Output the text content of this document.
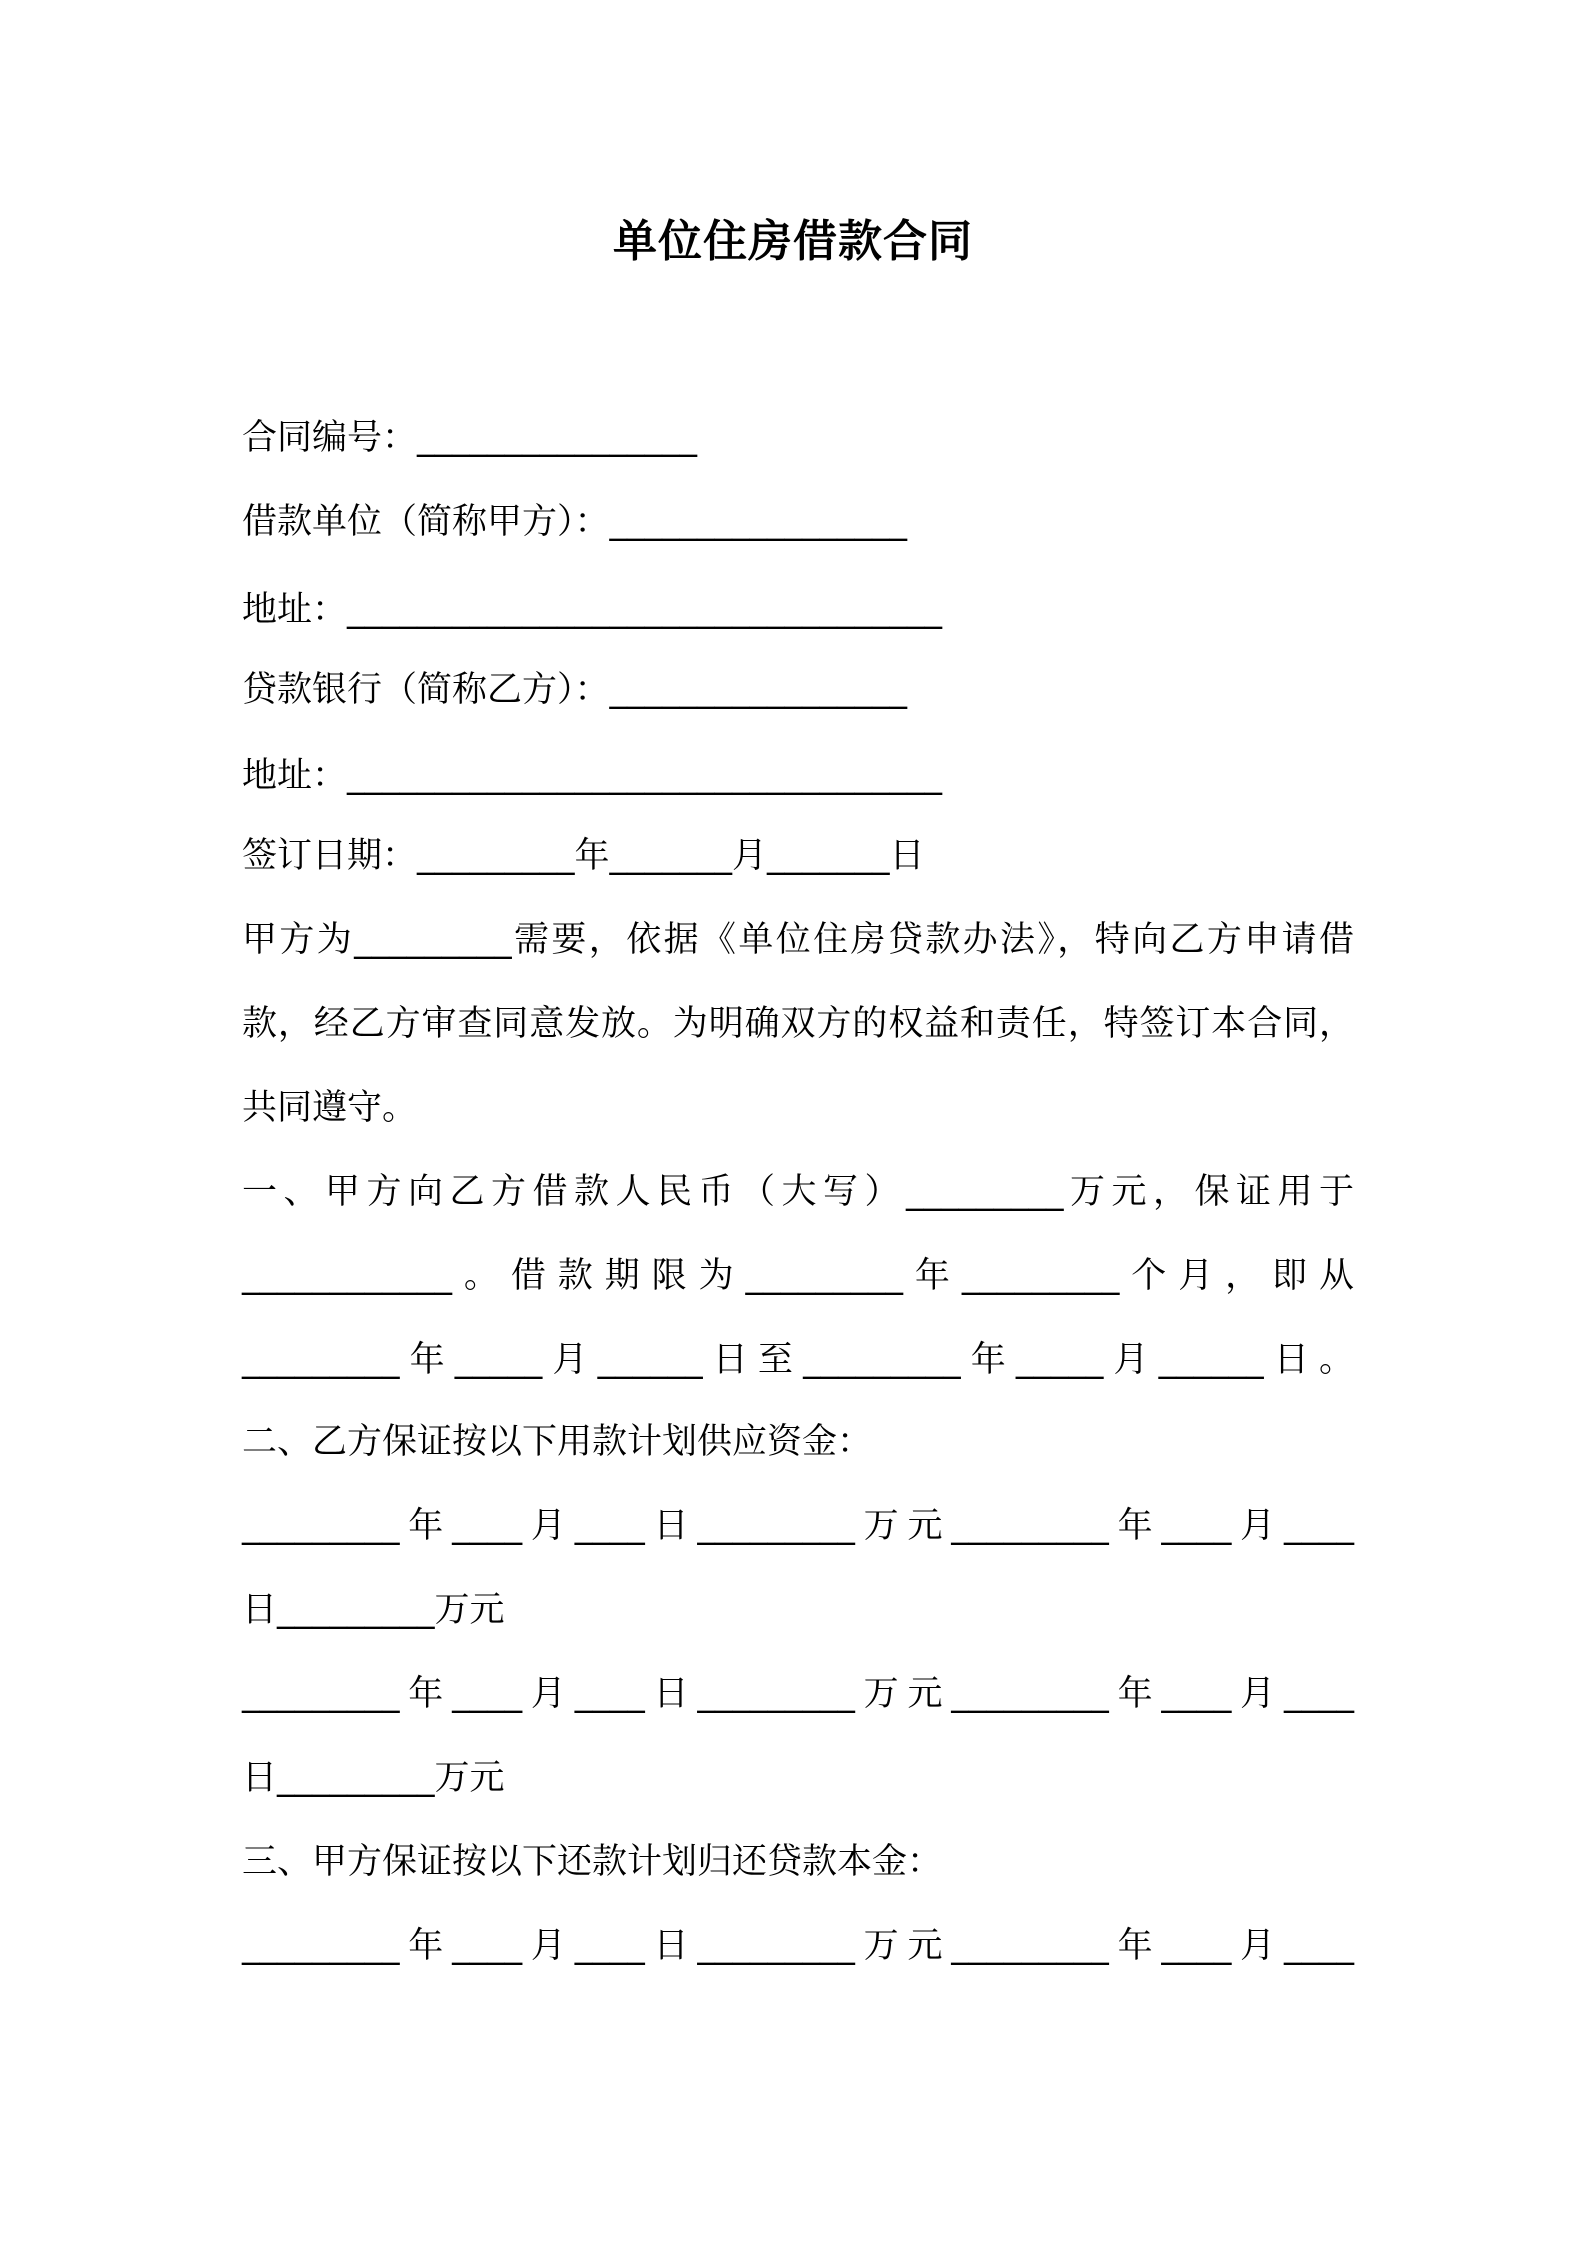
单位住房借款合同
合同编号：________________
借款单位（简称甲方）：_________________
地址：__________________________________
贷款银行（简称乙方）：_________________
地址：__________________________________
签订日期：_________年_______月_______日
甲方为_________需要，依据《单位住房贷款办法》，特向乙方申请借
款，经乙方审查同意发放。为明确双方的权益和责任，特签订本合同，
共同遵守。
一、甲方向乙方借款人民币（大写）_________万元，保证用于
____________。借款期限为_________年_________个月，即从
_________年_____月______日至_________年_____月______日。
二、乙方保证按以下用款计划供应资金：
_________年____月____日_________万元_________年____月____
日_________万元
_________年____月____日_________万元_________年____月____
日_________万元
三、甲方保证按以下还款计划归还贷款本金：
_________年____月____日_________万元_________年____月____
